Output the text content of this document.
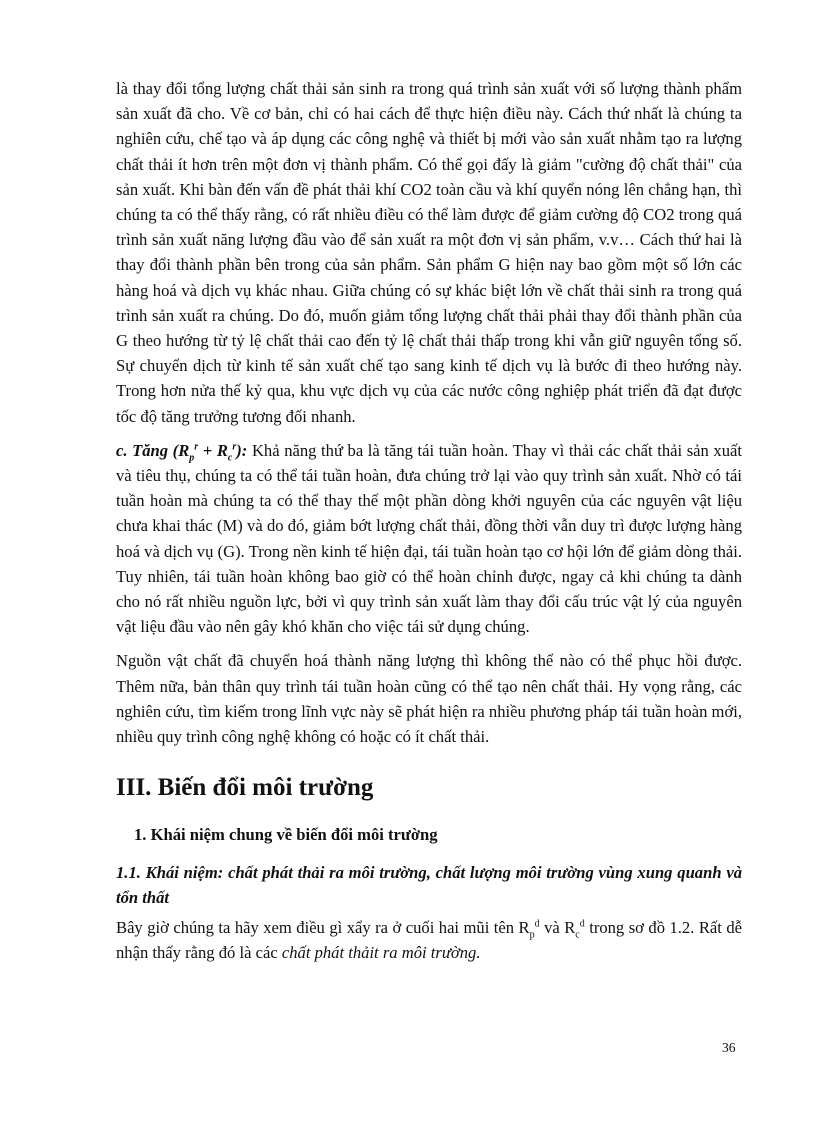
là thay đổi tổng lượng chất thải sản sinh ra trong quá trình sản xuất với số lượng thành phẩm sản xuất đã cho. Về cơ bản, chỉ có hai cách để thực hiện điều này. Cách thứ nhất là chúng ta nghiên cứu, chế tạo và áp dụng các công nghệ và thiết bị mới vào sản xuất nhằm tạo ra lượng chất thải ít hơn trên một đơn vị thành phẩm. Có thể gọi đấy là giảm "cường độ chất thải" của sản xuất. Khi bàn đến vấn đề phát thải khí CO2 toàn cầu và khí quyển nóng lên chẳng hạn, thì chúng ta có thể thấy rằng, có rất nhiều điều có thể làm được để giảm cường độ CO2 trong quá trình sản xuất năng lượng đầu vào để sản xuất ra một đơn vị sản phẩm, v.v… Cách thứ hai là thay đổi thành phần bên trong của sản phẩm. Sản phẩm G hiện nay bao gồm một số lớn các hàng hoá và dịch vụ khác nhau. Giữa chúng có sự khác biệt lớn về chất thải sinh ra trong quá trình sản xuất ra chúng. Do đó, muốn giảm tổng lượng chất thải phải thay đổi thành phần của G theo hướng từ tỷ lệ chất thải cao đến tỷ lệ chất thải thấp trong khi vẫn giữ nguyên tổng số. Sự chuyển dịch từ kinh tế sản xuất chế tạo sang kinh tế dịch vụ là bước đi theo hướng này. Trong hơn nửa thế kỷ qua, khu vực dịch vụ của các nước công nghiệp phát triển đã đạt được tốc độ tăng trưởng tương đối nhanh.

c. Tăng $(R_p^r + R_c^r)$: Khả năng thứ ba là tăng tái tuần hoàn. Thay vì thải các chất thải sản xuất và tiêu thụ, chúng ta có thể tái tuần hoàn, đưa chúng trở lại vào quy trình sản xuất. Nhờ có tái tuần hoàn mà chúng ta có thể thay thế một phần dòng khởi nguyên của các nguyên vật liệu chưa khai thác (M) và do đó, giảm bớt lượng chất thải, đồng thời vẫn duy trì được lượng hàng hoá và dịch vụ (G). Trong nền kinh tế hiện đại, tái tuần hoàn tạo cơ hội lớn để giảm dòng thải. Tuy nhiên, tái tuần hoàn không bao giờ có thể hoàn chỉnh được, ngay cả khi chúng ta dành cho nó rất nhiều nguồn lực, bởi vì quy trình sản xuất làm thay đổi cấu trúc vật lý của nguyên vật liệu đầu vào nên gây khó khăn cho việc tái sử dụng chúng.

Nguồn vật chất đã chuyển hoá thành năng lượng thì không thể nào có thể phục hồi được. Thêm nữa, bản thân quy trình tái tuần hoàn cũng có thể tạo nên chất thải. Hy vọng rằng, các nghiên cứu, tìm kiếm trong lĩnh vực này sẽ phát hiện ra nhiều phương pháp tái tuần hoàn mới, nhiều quy trình công nghệ không có hoặc có ít chất thải.

III. Biến đổi môi trường
1. Khái niệm chung về biến đổi môi trường
1.1. Khái niệm: chất phát thải ra môi trường, chất lượng môi trường vùng xung quanh và tổn thất

Bây giờ chúng ta hãy xem điều gì xẩy ra ở cuối hai mũi tên $R_p^d$ và $R_c^d$ trong sơ đồ 1.2. Rất dễ nhận thấy rằng đó là các chất phát thảit ra môi trường.

36
